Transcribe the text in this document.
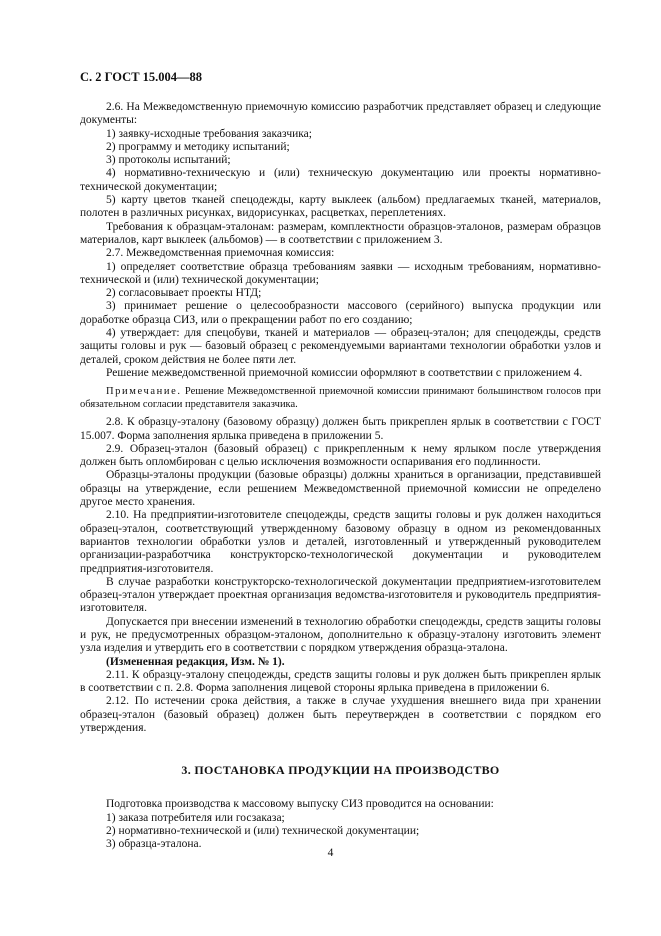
С. 2 ГОСТ 15.004—88

2.6. На Межведомственную приемочную комиссию разработчик представляет образец и следующие документы:

1) заявку-исходные требования заказчика;

2) программу и методику испытаний;

3) протоколы испытаний;

4) нормативно-техническую и (или) техническую документацию или проекты нормативно-технической документации;

5) карту цветов тканей спецодежды, карту выклеек (альбом) предлагаемых тканей, материалов, полотен в различных рисунках, видорисунках, расцветках, переплетениях.

Требования к образцам-эталонам: размерам, комплектности образцов-эталонов, размерам образцов материалов, карт выклеек (альбомов) — в соответствии с приложением 3.

2.7. Межведомственная приемочная комиссия:

1) определяет соответствие образца требованиям заявки — исходным требованиям, нормативно-технической и (или) технической документации;

2) согласовывает проекты НТД;

3) принимает решение о целесообразности массового (серийного) выпуска продукции или доработке образца СИЗ, или о прекращении работ по его созданию;

4) утверждает: для спецобуви, тканей и материалов — образец-эталон; для спецодежды, средств защиты головы и рук — базовый образец с рекомендуемыми вариантами технологии обработки узлов и деталей, сроком действия не более пяти лет.

Решение межведомственной приемочной комиссии оформляют в соответствии с приложением 4.

Примечание. Решение Межведомственной приемочной комиссии принимают большинством голосов при обязательном согласии представителя заказчика.

2.8. К образцу-эталону (базовому образцу) должен быть прикреплен ярлык в соответствии с ГОСТ 15.007. Форма заполнения ярлыка приведена в приложении 5.

2.9. Образец-эталон (базовый образец) с прикрепленным к нему ярлыком после утверждения должен быть опломбирован с целью исключения возможности оспаривания его подлинности.

Образцы-эталоны продукции (базовые образцы) должны храниться в организации, представившей образцы на утверждение, если решением Межведомственной приемочной комиссии не определено другое место хранения.

2.10. На предприятии-изготовителе спецодежды, средств защиты головы и рук должен находиться образец-эталон, соответствующий утвержденному базовому образцу в одном из рекомендованных вариантов технологии обработки узлов и деталей, изготовленный и утвержденный руководителем организации-разработчика конструкторско-технологической документации и руководителем предприятия-изготовителя.

В случае разработки конструкторско-технологической документации предприятием-изготовителем образец-эталон утверждает проектная организация ведомства-изготовителя и руководитель предприятия-изготовителя.

Допускается при внесении изменений в технологию обработки спецодежды, средств защиты головы и рук, не предусмотренных образцом-эталоном, дополнительно к образцу-эталону изготовить элемент узла изделия и утвердить его в соответствии с порядком утверждения образца-эталона.

(Измененная редакция, Изм. № 1).

2.11. К образцу-эталону спецодежды, средств защиты головы и рук должен быть прикреплен ярлык в соответствии с п. 2.8. Форма заполнения лицевой стороны ярлыка приведена в приложении 6.

2.12. По истечении срока действия, а также в случае ухудшения внешнего вида при хранении образец-эталон (базовый образец) должен быть переутвержден в соответствии с порядком его утверждения.

3. ПОСТАНОВКА ПРОДУКЦИИ НА ПРОИЗВОДСТВО

Подготовка производства к массовому выпуску СИЗ проводится на основании:

1) заказа потребителя или госзаказа;

2) нормативно-технической и (или) технической документации;

3) образца-эталона.

4
